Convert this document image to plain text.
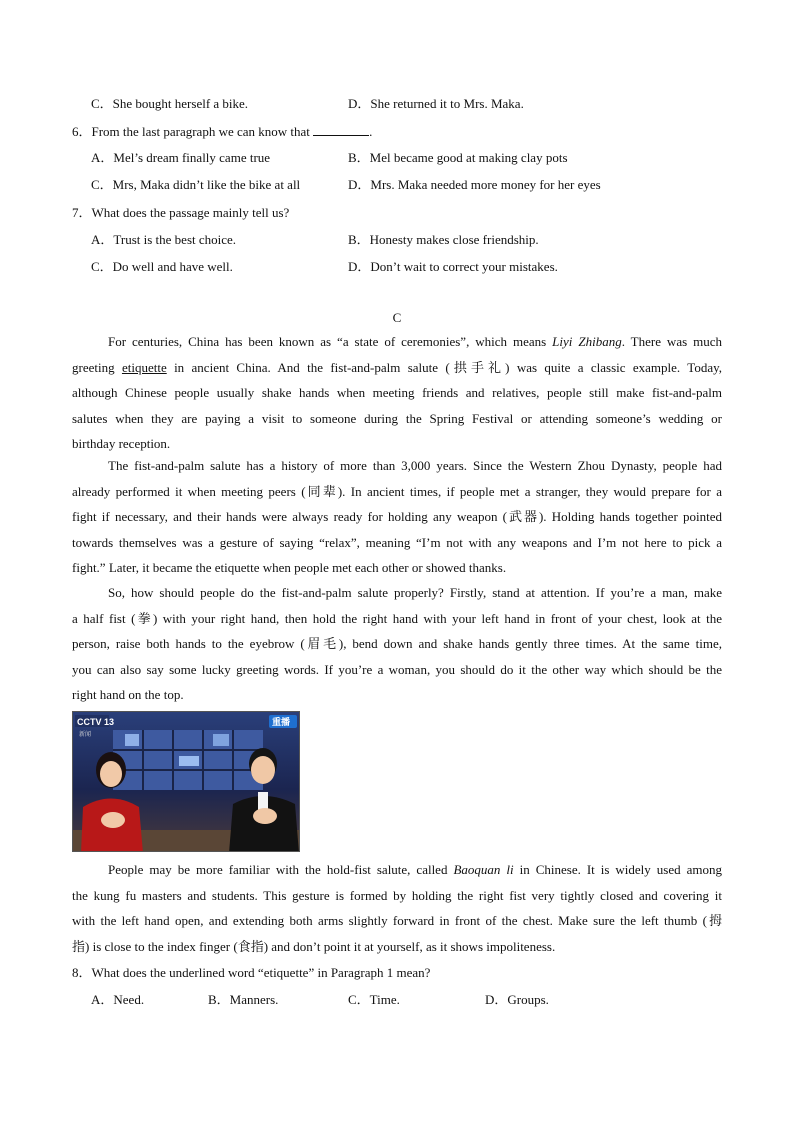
C．She bought herself a bike.	D．She returned it to Mrs. Maka.
6．From the last paragraph we can know that	.
A．Mel’s dream finally came true	B．Mel became good at making clay pots
C．Mrs, Maka didn’t like the bike at all	D．Mrs. Maka needed more money for her eyes
7．What does the passage mainly tell us?
A．Trust is the best choice.	B．Honesty makes close friendship.
C．Do well and have well.	D．Don’t wait to correct your mistakes.
C
For centuries, China has been known as “a state of ceremonies”, which means Liyi Zhibang. There was much
greeting etiquette in ancient China. And the fist-and-palm salute (拱手礼) was quite a classic example. Today,
although Chinese people usually shake hands when meeting friends and relatives, people still make fist-and-palm
salutes when they are paying a visit to someone during the Spring Festival or attending someone’s wedding or
birthday reception.
The fist-and-palm salute has a history of more than 3,000 years. Since the Western Zhou Dynasty, people had
already performed it when meeting peers (同辈). In ancient times, if people met a stranger, they would prepare for a
fight if necessary, and their hands were always ready for holding any weapon (武器). Holding hands together pointed
towards themselves was a gesture of saying “relax”, meaning “I’m not with any weapons and I’m not here to pick a
fight.” Later, it became the etiquette when people met each other or showed thanks.
So, how should people do the fist-and-palm salute properly? Firstly, stand at attention. If you’re a man, make
a half fist (拳) with your right hand, then hold the right hand with your left hand in front of your chest, look at the
person, raise both hands to the eyebrow (眉毛), bend down and shake hands gently three times. At the same time,
you can also say some lucky greeting words. If you’re a woman, you should do it the other way which should be the
right hand on the top.
CCTV 13
新闻
重播
People may be more familiar with the hold-fist salute, called Baoquan li in Chinese. It is widely used among
the kung fu masters and students. This gesture is formed by holding the right fist very tightly closed and covering it
with the left hand open, and extending both arms slightly forward in front of the chest. Make sure the left thumb (拇
指) is close to the index finger (食指) and don’t point it at yourself, as it shows impoliteness.
8．What does the underlined word “etiquette” in Paragraph 1 mean?
A．Need.	B．Manners.	C．Time.	D．Groups.
